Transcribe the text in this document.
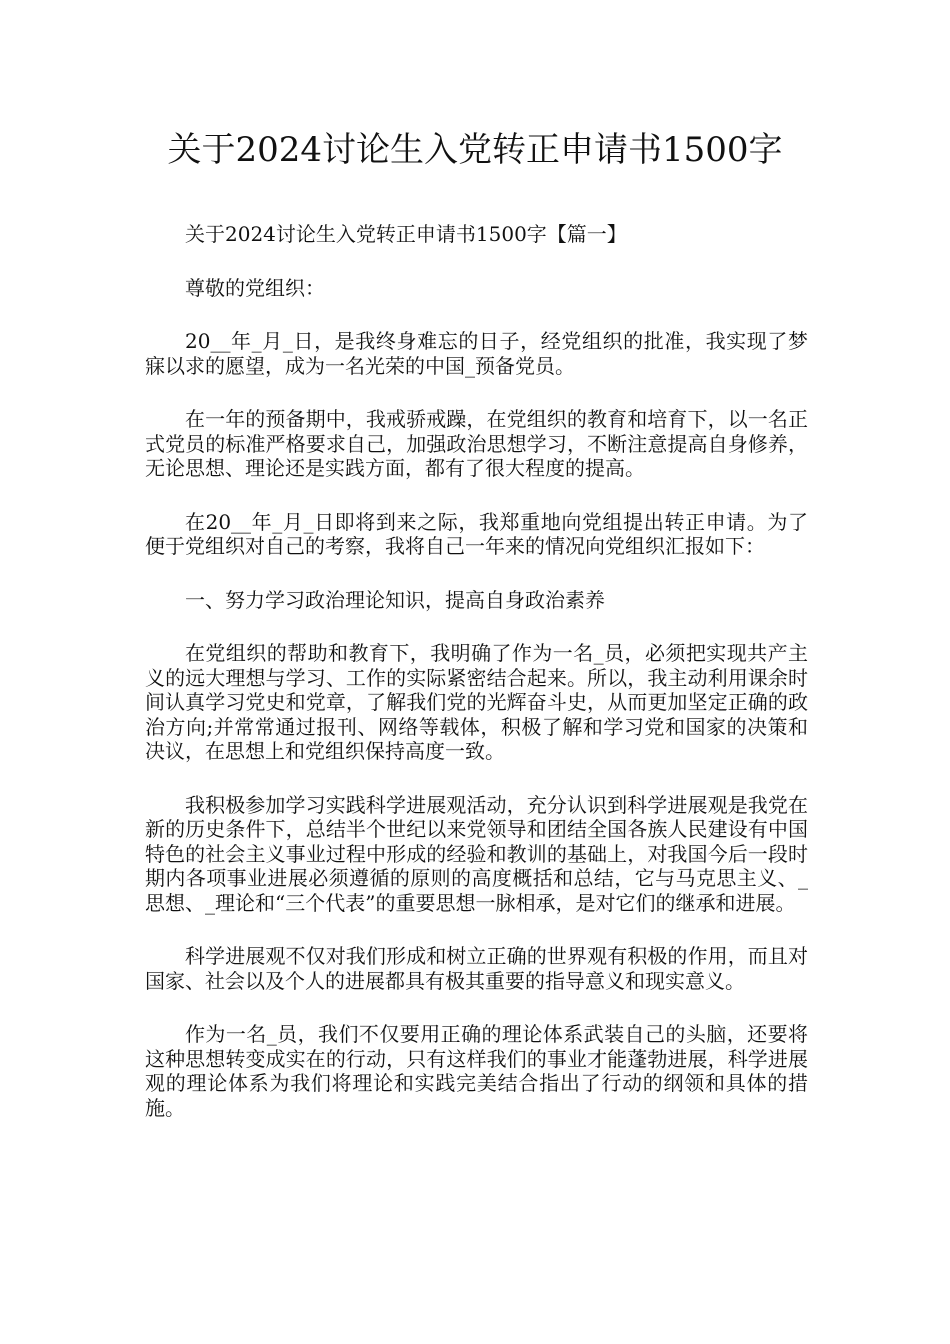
关于2024讨论生入党转正申请书1500字

关于2024讨论生入党转正申请书1500字【篇一】

尊敬的党组织：

20__年_月_日，是我终身难忘的日子，经党组织的批准，我实现了梦寐以求的愿望，成为一名光荣的中国_预备党员。

在一年的预备期中，我戒骄戒躁，在党组织的教育和培育下，以一名正式党员的标准严格要求自己，加强政治思想学习，不断注意提高自身修养，无论思想、理论还是实践方面，都有了很大程度的提高。

在20__年_月_日即将到来之际，我郑重地向党组提出转正申请。为了便于党组织对自己的考察，我将自己一年来的情况向党组织汇报如下：

一、努力学习政治理论知识，提高自身政治素养

在党组织的帮助和教育下，我明确了作为一名_员，必须把实现共产主义的远大理想与学习、工作的实际紧密结合起来。所以，我主动利用课余时间认真学习党史和党章，了解我们党的光辉奋斗史，从而更加坚定正确的政治方向;并常常通过报刊、网络等载体，积极了解和学习党和国家的决策和决议，在思想上和党组织保持高度一致。

我积极参加学习实践科学进展观活动，充分认识到科学进展观是我党在新的历史条件下，总结半个世纪以来党领导和团结全国各族人民建设有中国特色的社会主义事业过程中形成的经验和教训的基础上，对我国今后一段时期内各项事业进展必须遵循的原则的高度概括和总结，它与马克思主义、_思想、_理论和“三个代表”的重要思想一脉相承，是对它们的继承和进展。

科学进展观不仅对我们形成和树立正确的世界观有积极的作用，而且对国家、社会以及个人的进展都具有极其重要的指导意义和现实意义。

作为一名_员，我们不仅要用正确的理论体系武装自己的头脑，还要将这种思想转变成实在的行动，只有这样我们的事业才能蓬勃进展，科学进展观的理论体系为我们将理论和实践完美结合指出了行动的纲领和具体的措施。
